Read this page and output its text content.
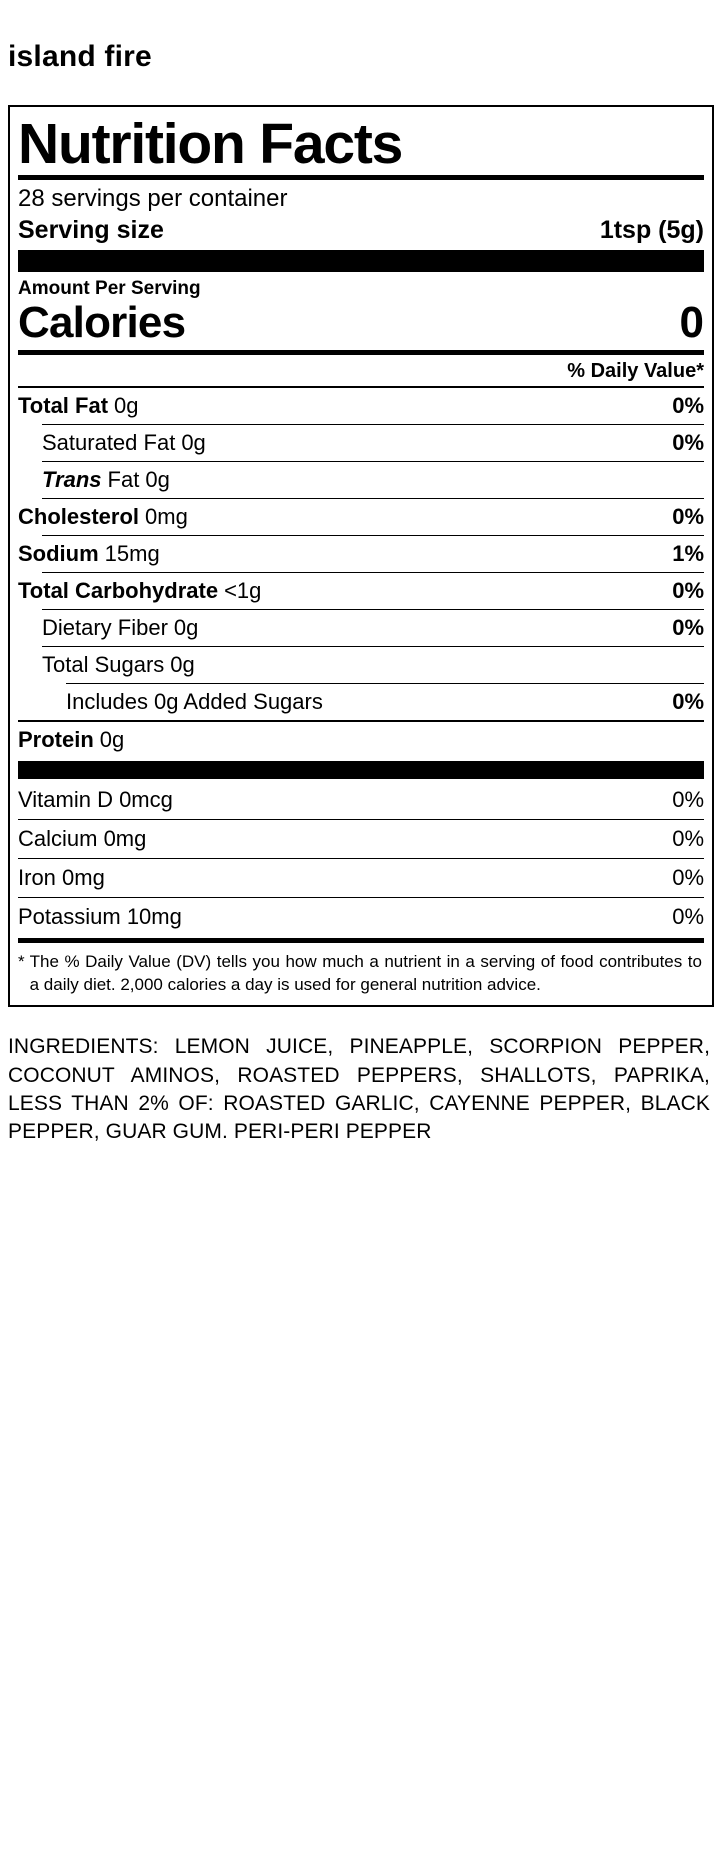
island fire
Nutrition Facts
28 servings per container
Serving size	1tsp (5g)
Amount Per Serving
Calories	0
% Daily Value*
Total Fat 0g	0%
Saturated Fat 0g	0%
Trans Fat 0g
Cholesterol 0mg	0%
Sodium 15mg	1%
Total Carbohydrate <1g	0%
Dietary Fiber 0g	0%
Total Sugars 0g
Includes 0g Added Sugars	0%
Protein 0g
Vitamin D 0mcg	0%
Calcium 0mg	0%
Iron 0mg	0%
Potassium 10mg	0%
* The % Daily Value (DV) tells you how much a nutrient in a serving of food contributes to a daily diet. 2,000 calories a day is used for general nutrition advice.
INGREDIENTS: LEMON JUICE, PINEAPPLE, SCORPION PEPPER, COCONUT AMINOS, ROASTED PEPPERS, SHALLOTS, PAPRIKA, LESS THAN 2% OF: ROASTED GARLIC, CAYENNE PEPPER, BLACK PEPPER, GUAR GUM. PERI-PERI PEPPER
